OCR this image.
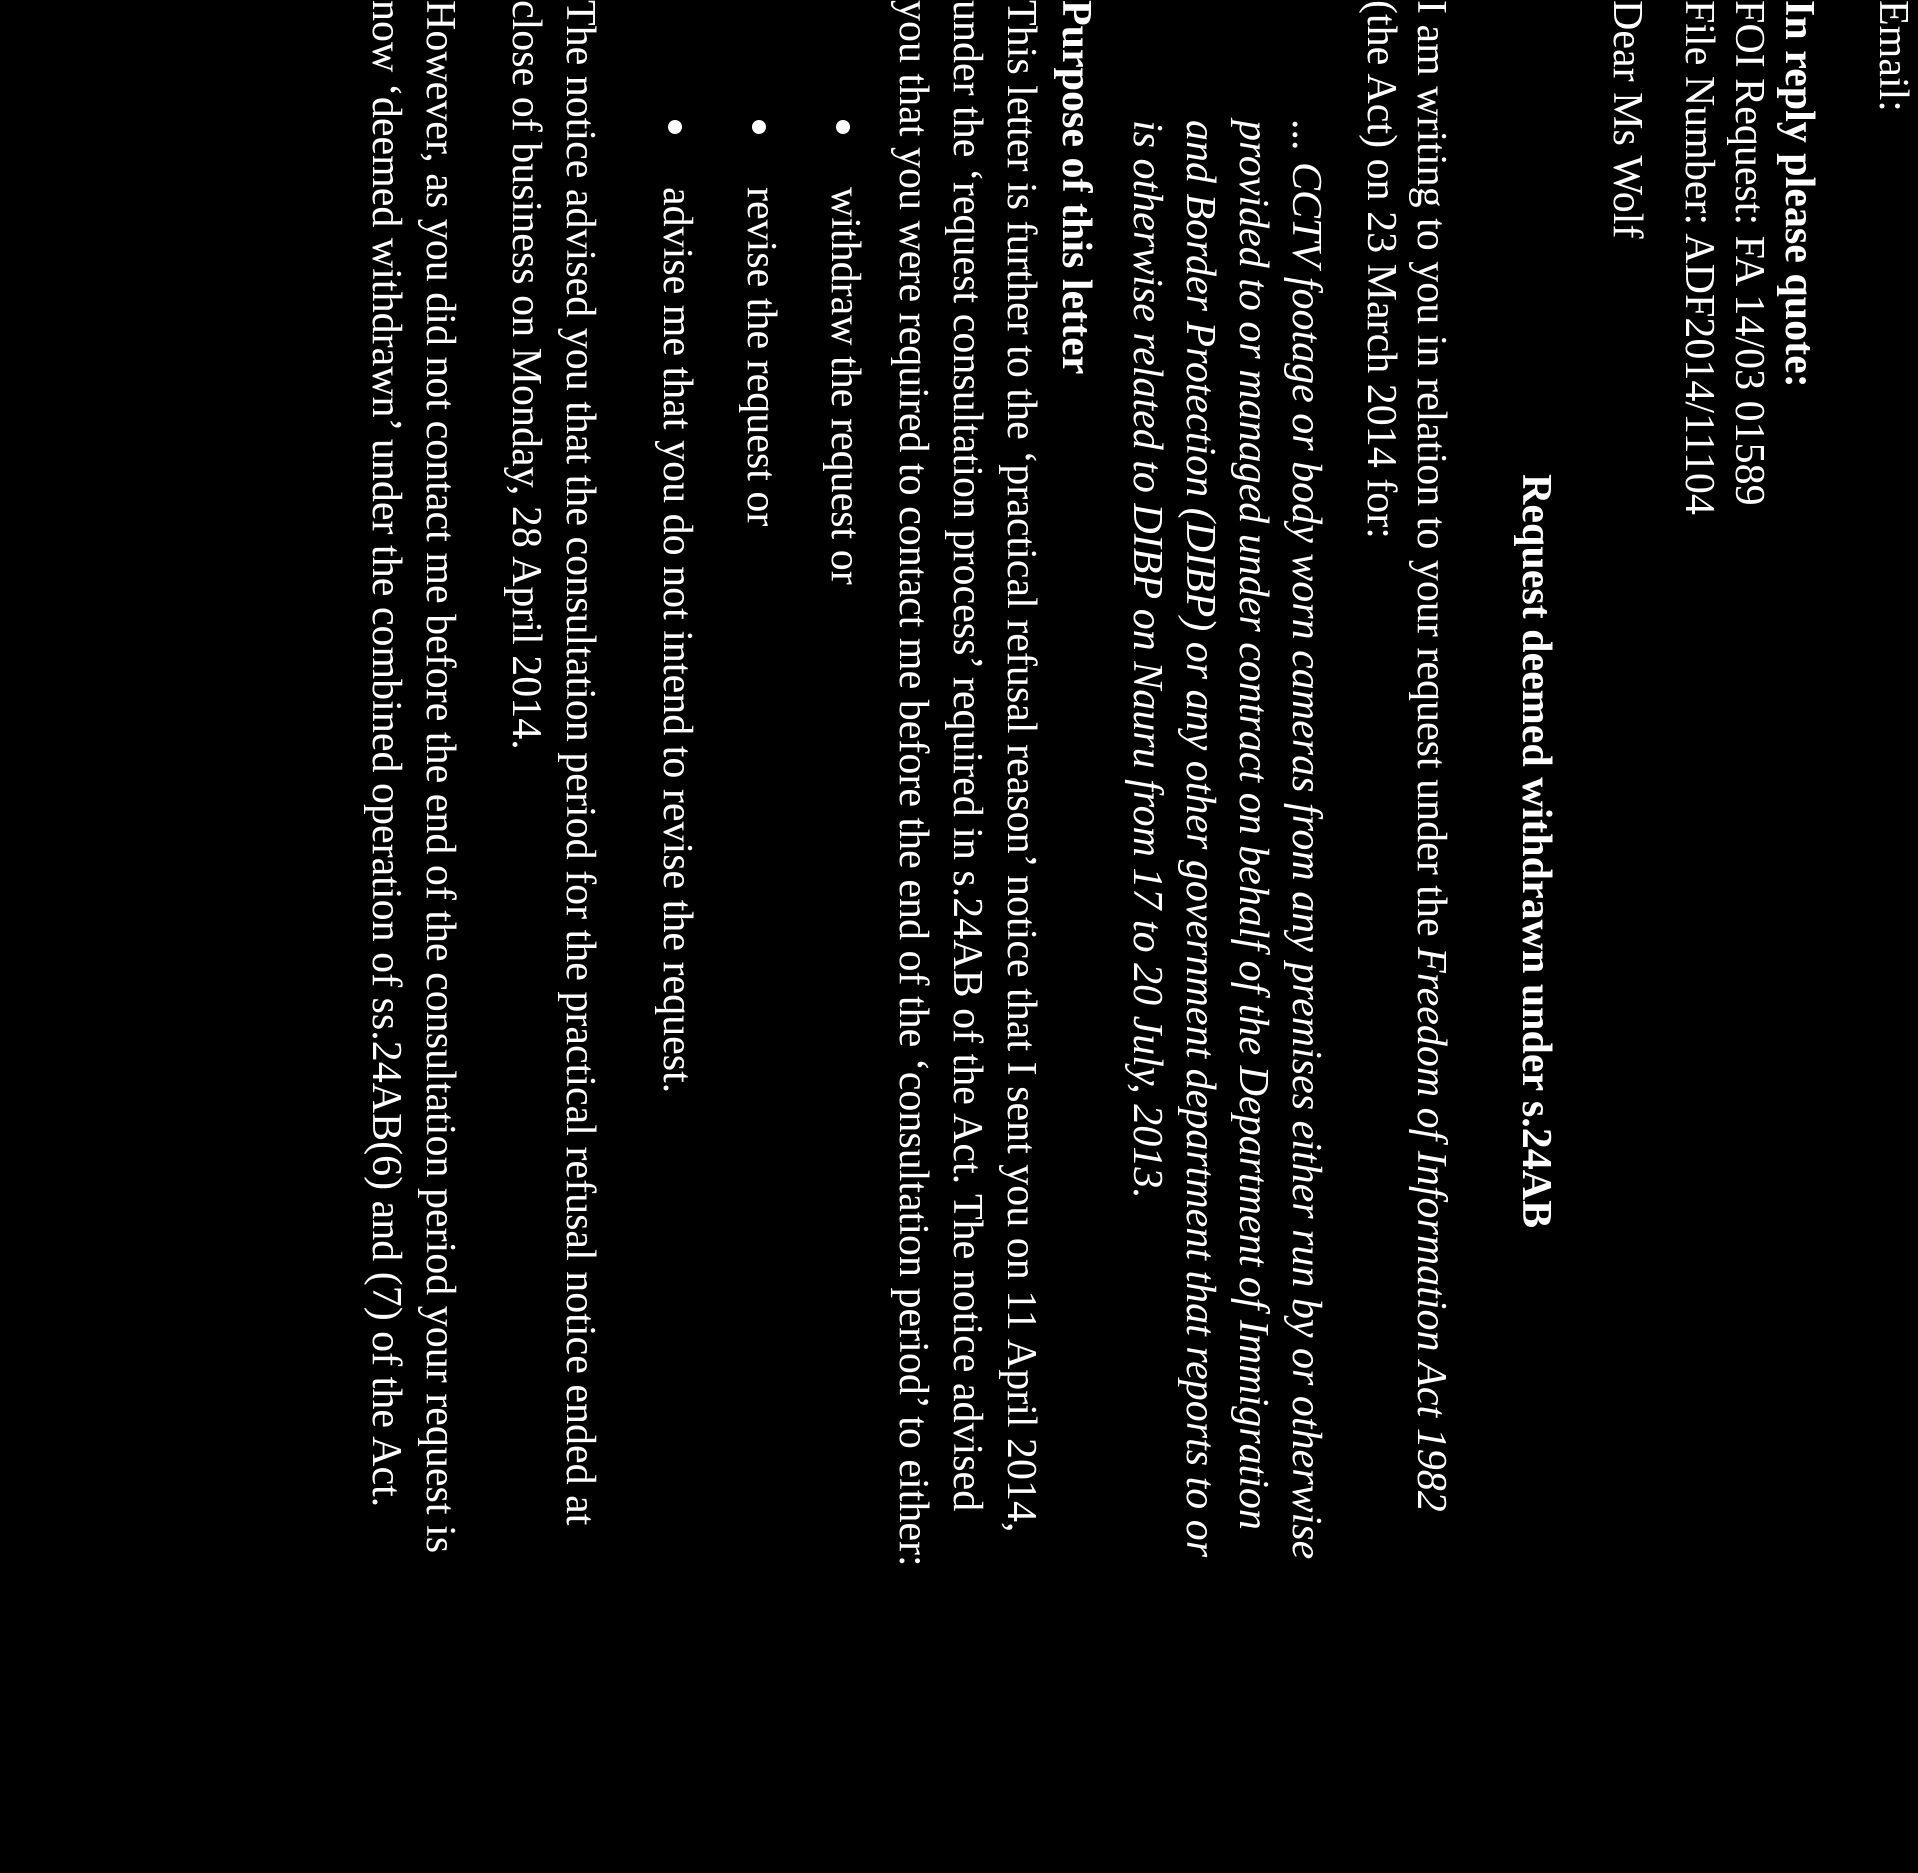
Email:
In reply please quote:
FOI Request: FA 14/03 01589
File Number: ADF2014/11104
Dear Ms Wolf
Request deemed withdrawn under s.24AB
I am writing to you in relation to your request under the Freedom of Information Act 1982
(the Act) on 23 March 2014 for:
... CCTV footage or body worn cameras from any premises either run by or otherwise
provided to or managed under contract on behalf of the Department of Immigration
and Border Protection (DIBP) or any other government department that reports to or
is otherwise related to DIBP on Nauru from 17 to 20 July, 2013.
Purpose of this letter
This letter is further to the ‘practical refusal reason’ notice that I sent you on 11 April 2014,
under the ‘request consultation process’ required in s.24AB of the Act. The notice advised
you that you were required to contact me before the end of the ‘consultation period’ to either:
withdraw the request or
revise the request or
advise me that you do not intend to revise the request.
The notice advised you that the consultation period for the practical refusal notice ended at
close of business on Monday, 28 April 2014.
However, as you did not contact me before the end of the consultation period your request is
now ‘deemed withdrawn’ under the combined operation of ss.24AB(6) and (7) of the Act.
